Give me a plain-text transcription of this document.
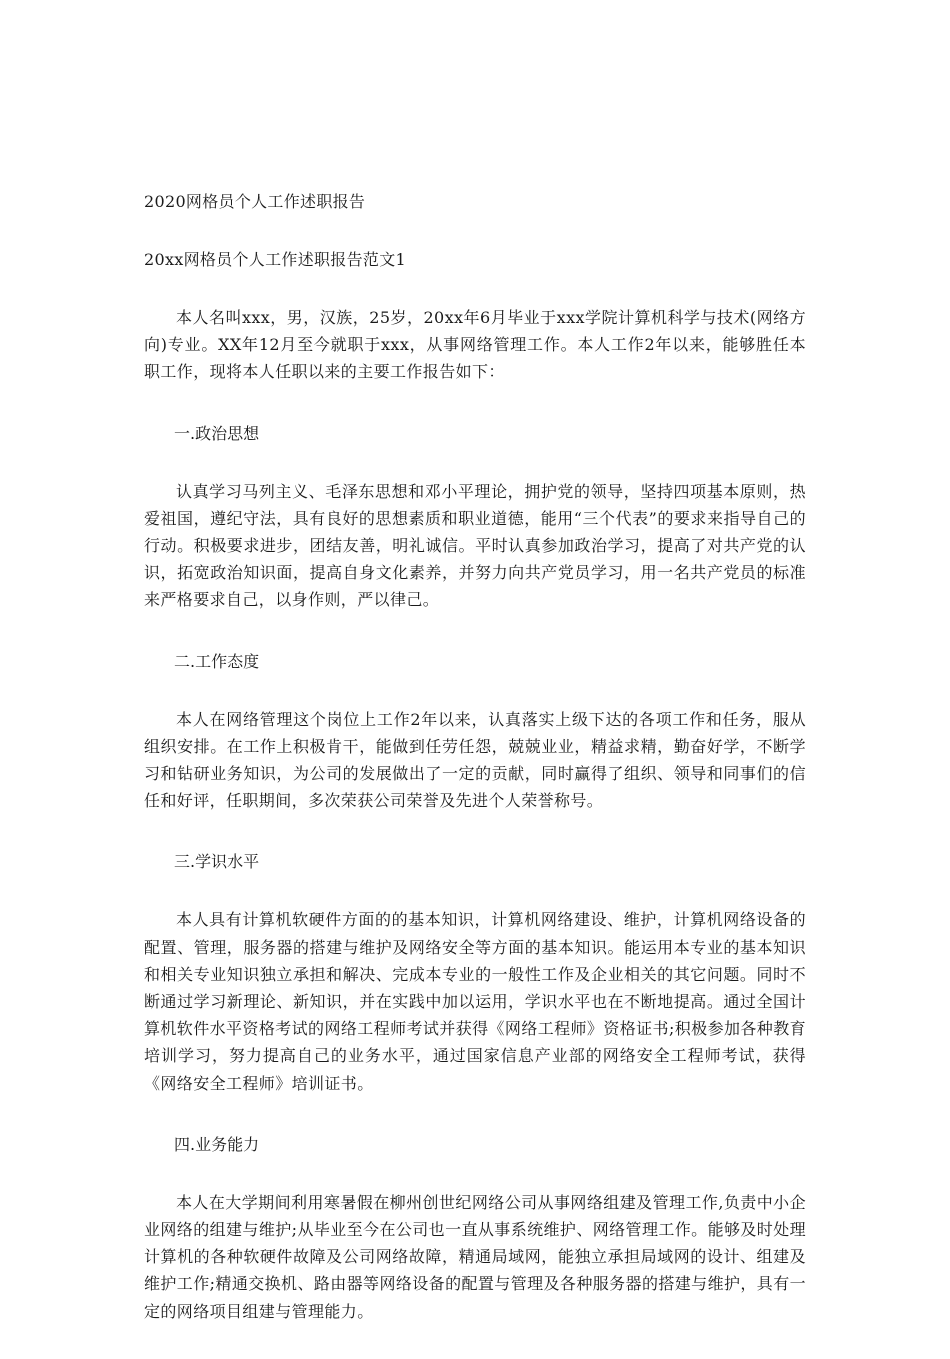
2020网格员个人工作述职报告

20xx网格员个人工作述职报告范文1

本人名叫xxx，男，汉族，25岁，20xx年6月毕业于xxx学院计算机科学与技术(网络方向)专业。XX年12月至今就职于xxx，从事网络管理工作。本人工作2年以来，能够胜任本职工作，现将本人任职以来的主要工作报告如下：

一.政治思想

认真学习马列主义、毛泽东思想和邓小平理论，拥护党的领导，坚持四项基本原则，热爱祖国，遵纪守法，具有良好的思想素质和职业道德，能用“三个代表”的要求来指导自己的行动。积极要求进步，团结友善，明礼诚信。平时认真参加政治学习，提高了对共产党的认识，拓宽政治知识面，提高自身文化素养，并努力向共产党员学习，用一名共产党员的标准来严格要求自己，以身作则，严以律己。

二.工作态度

本人在网络管理这个岗位上工作2年以来，认真落实上级下达的各项工作和任务，服从组织安排。在工作上积极肯干，能做到任劳任怨，兢兢业业，精益求精，勤奋好学，不断学习和钻研业务知识，为公司的发展做出了一定的贡献，同时赢得了组织、领导和同事们的信任和好评，任职期间，多次荣获公司荣誉及先进个人荣誉称号。

三.学识水平

本人具有计算机软硬件方面的的基本知识，计算机网络建设、维护，计算机网络设备的配置、管理，服务器的搭建与维护及网络安全等方面的基本知识。能运用本专业的基本知识和相关专业知识独立承担和解决、完成本专业的一般性工作及企业相关的其它问题。同时不断通过学习新理论、新知识，并在实践中加以运用，学识水平也在不断地提高。通过全国计算机软件水平资格考试的网络工程师考试并获得《网络工程师》资格证书;积极参加各种教育培训学习，努力提高自己的业务水平，通过国家信息产业部的网络安全工程师考试，获得《网络安全工程师》培训证书。

四.业务能力

本人在大学期间利用寒暑假在柳州创世纪网络公司从事网络组建及管理工作,负责中小企业网络的组建与维护;从毕业至今在公司也一直从事系统维护、网络管理工作。能够及时处理计算机的各种软硬件故障及公司网络故障，精通局域网，能独立承担局域网的设计、组建及维护工作;精通交换机、路由器等网络设备的配置与管理及各种服务器的搭建与维护，具有一定的网络项目组建与管理能力。
